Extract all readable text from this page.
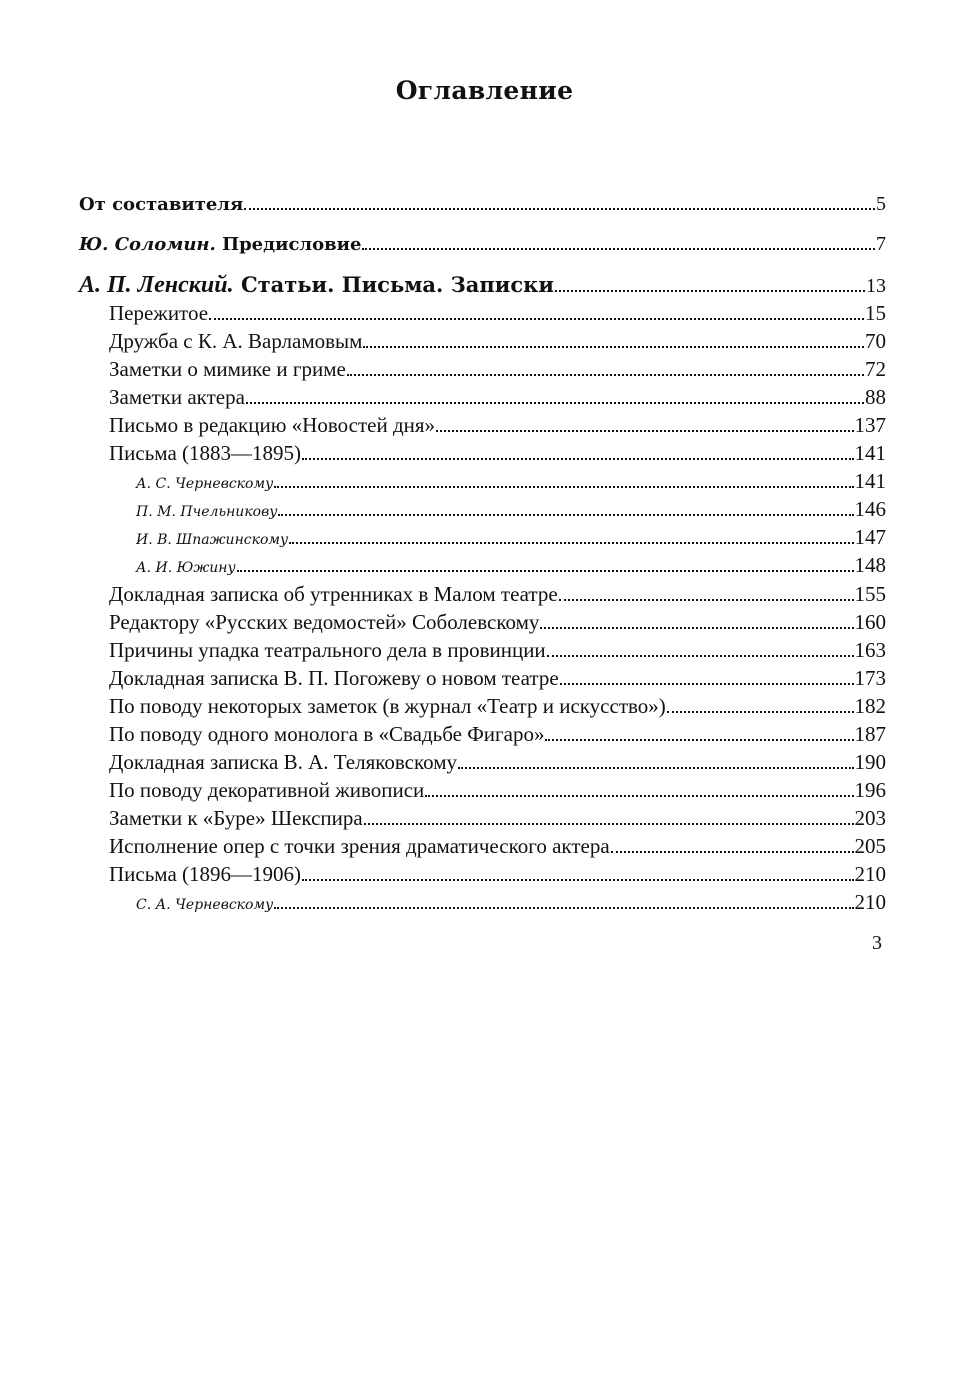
Оглавление
От составителя	5
Ю. Соломин. Предисловие	7
А. П. Ленский. Статьи. Письма. Записки	13
Пережитое	15
Дружба с К. А. Варламовым	70
Заметки о мимике и гриме	72
Заметки актера	88
Письмо в редакцию «Новостей дня»	137
Письма (1883—1895)	141
А. С. Черневскому	141
П. М. Пчельникову	146
И. В. Шпажинскому	147
А. И. Южину	148
Докладная записка об утренниках в Малом театре	155
Редактору «Русских ведомостей» Соболевскому	160
Причины упадка театрального дела в провинции	163
Докладная записка В. П. Погожеву о новом театре	173
По поводу некоторых заметок (в журнал «Театр и искусство»)	182
По поводу одного монолога в «Свадьбе Фигаро»	187
Докладная записка В. А. Теляковскому	190
По поводу декоративной живописи	196
Заметки к «Буре» Шекспира	203
Исполнение опер с точки зрения драматического актера	205
Письма (1896—1906)	210
С. А. Черневскому	210
3
